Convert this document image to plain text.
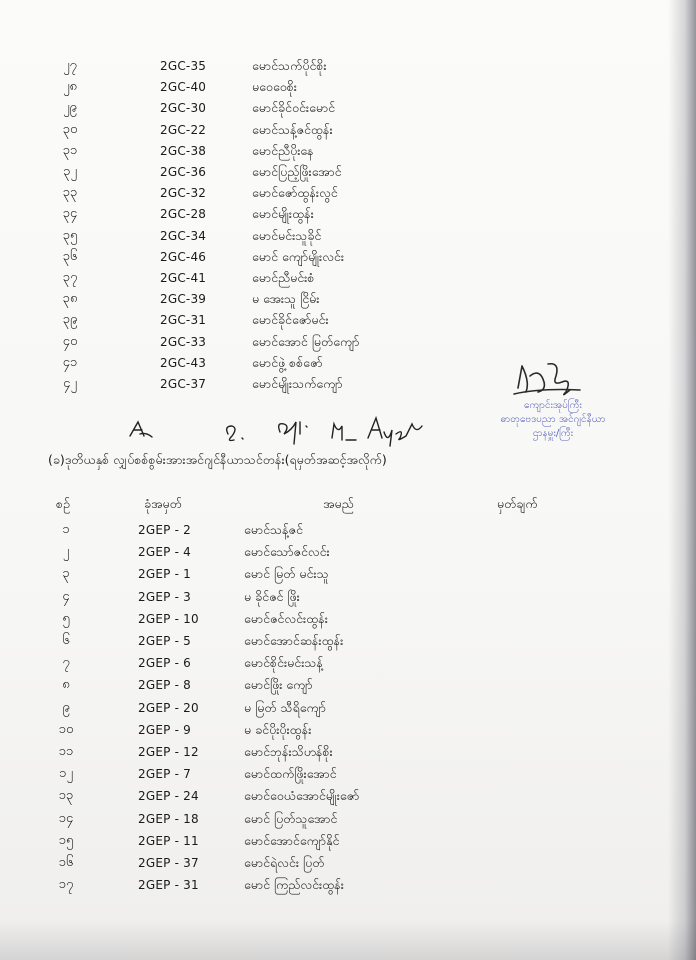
၂၇	2GC-35	မောင်သက်ပိုင်စိုး
၂၈	2GC-40	မဝေဝေစိုး
၂၉	2GC-30	မောင်ခိုင်ဝင်းမောင်
၃၀	2GC-22	မောင်သန့်ဇင်ထွန်း
၃၁	2GC-38	မောင်ညီပိုးနေ
၃၂	2GC-36	မောင်ပြည့်ဖြိုးအောင်
၃၃	2GC-32	မောင်ဇော်ထွန်းလွင်
၃၄	2GC-28	မောင်မျိုးထွန်း
၃၅	2GC-34	မောင်မင်းသူခိုင်
၃၆	2GC-46	မောင် ကျော်မျိုးလင်း
၃၇	2GC-41	မောင်ညီမင်းစံ
၃၈	2GC-39	မ အေးသူ ငြိမ်း
၃၉	2GC-31	မောင်ခိုင်ဇော်မင်း
၄၀	2GC-33	မောင်အောင် မြတ်ကျော်
၄၁	2GC-43	မောင်ဖွဲ့ စစ်ဇော်
၄၂	2GC-37	မောင်မျိုးသက်ကျော်
ကျောင်းအုပ်ကြီး
ဓာတုဗေဒပညာ အင်ဂျင်နီယာ
ဌာနမှူး/ကြီး
(ခ)ဒုတိယနှစ် လျှပ်စစ်စွမ်းအားအင်ဂျင်နီယာသင်တန်း(ရမှတ်အဆင့်အလိုက်)
စဉ်	ခုံအမှတ်	အမည်	မှတ်ချက်
၁	2GEP - 2	မောင်သန့်ဇင်
၂	2GEP - 4	မောင်သော်ဇင်လင်း
၃	2GEP - 1	မောင် မြတ် မင်းသူ
၄	2GEP - 3	မ ခိုင်ဇင် ဖြိုး
၅	2GEP - 10	မောင်ဇင်လင်းထွန်း
၆	2GEP - 5	မောင်အောင်ဆန်းထွန်း
၇	2GEP - 6	မောင်စိုင်းမင်းသန့်
၈	2GEP - 8	မောင်ဖြိုး ကျော်
၉	2GEP - 20	မ မြတ် သီရိကျော်
၁၀	2GEP - 9	မ ခင်ပိုးပိုးထွန်း
၁၁	2GEP - 12	မောင်ဘုန်းသိဟန်စိုး
၁၂	2GEP - 7	မောင်ထက်ဖြိုးအောင်
၁၃	2GEP - 24	မောင်ဝေယံအောင်မျိုးဇော်
၁၄	2GEP - 18	မောင် ပြတ်သူအောင်
၁၅	2GEP - 11	မောင်အောင်ကျော်နိုင်
၁၆	2GEP - 37	မောင်ရဲလင်း ပြတ်
၁၇	2GEP - 31	မောင် ကြည်လင်းထွန်း
